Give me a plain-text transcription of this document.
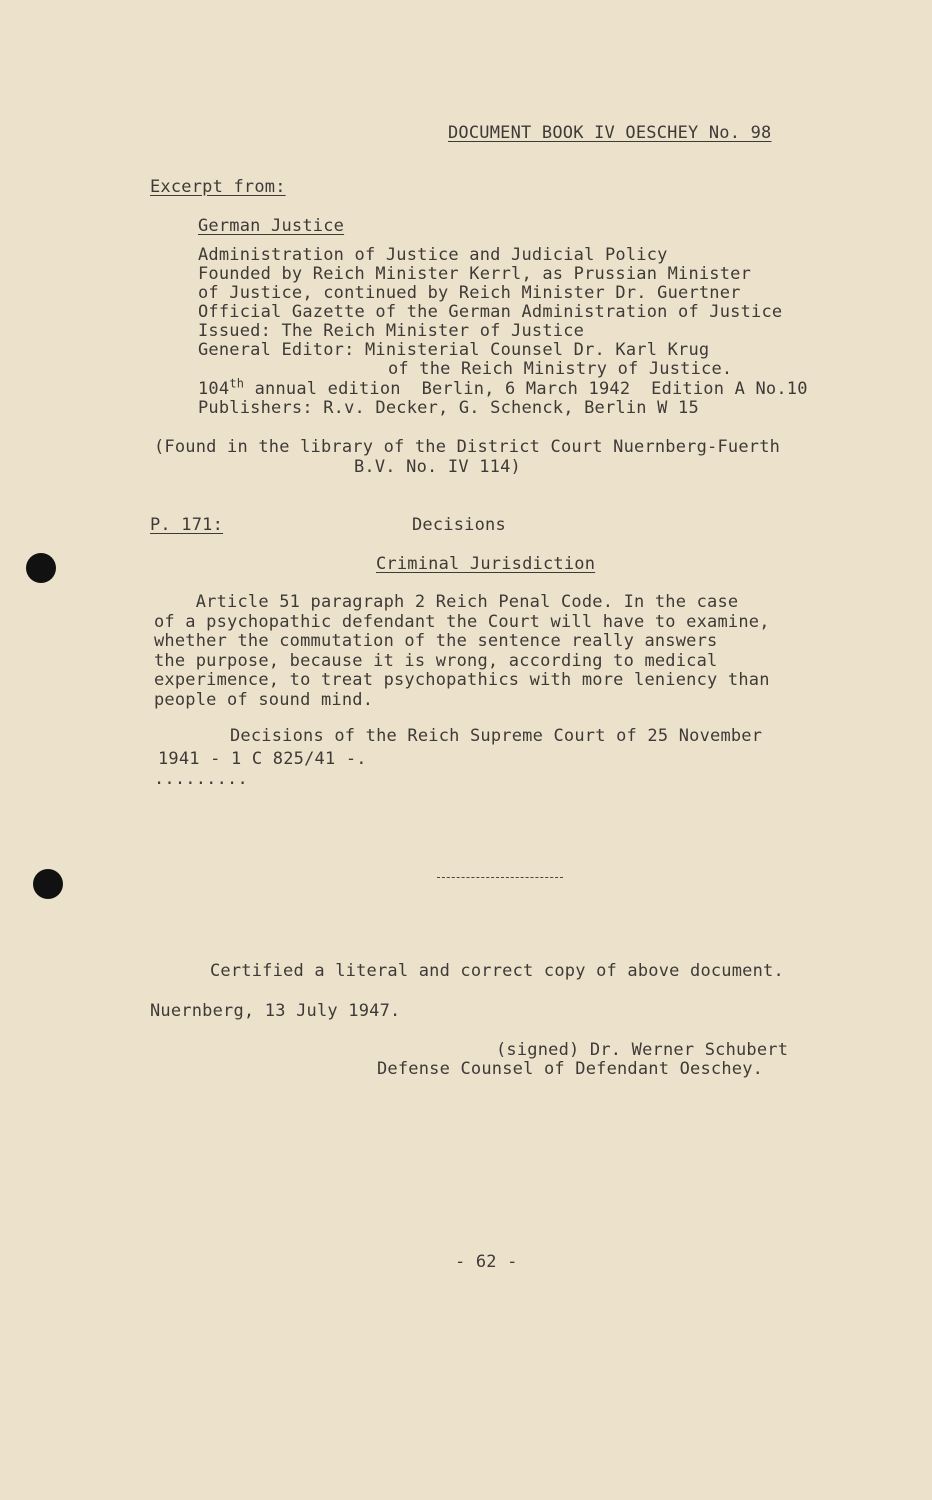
DOCUMENT BOOK IV OESCHEY No. 98
Excerpt from:
German Justice
Administration of Justice and Judicial Policy
Founded by Reich Minister Kerrl, as Prussian Minister
of Justice, continued by Reich Minister Dr. Guertner
Official Gazette of the German Administration of Justice
Issued: The Reich Minister of Justice
General Editor: Ministerial Counsel Dr. Karl Krug
of the Reich Ministry of Justice.
104th annual edition  Berlin, 6 March 1942  Edition A No.10
Publishers: R.v. Decker, G. Schenck, Berlin W 15
(Found in the library of the District Court Nuernberg-Fuerth
B.V. No. IV 114)
P. 171:	Decisions
Criminal Jurisdiction
Article 51 paragraph 2 Reich Penal Code. In the case
of a psychopathic defendant the Court will have to examine,
whether the commutation of the sentence really answers
the purpose, because it is wrong, according to medical
experimence, to treat psychopathics with more leniency than
people of sound mind.
Decisions of the Reich Supreme Court of 25 November
1941 - 1 C 825/41 -.
.........
Certified a literal and correct copy of above document.
Nuernberg, 13 July 1947.
(signed) Dr. Werner Schubert
Defense Counsel of Defendant Oeschey.
- 62 -
